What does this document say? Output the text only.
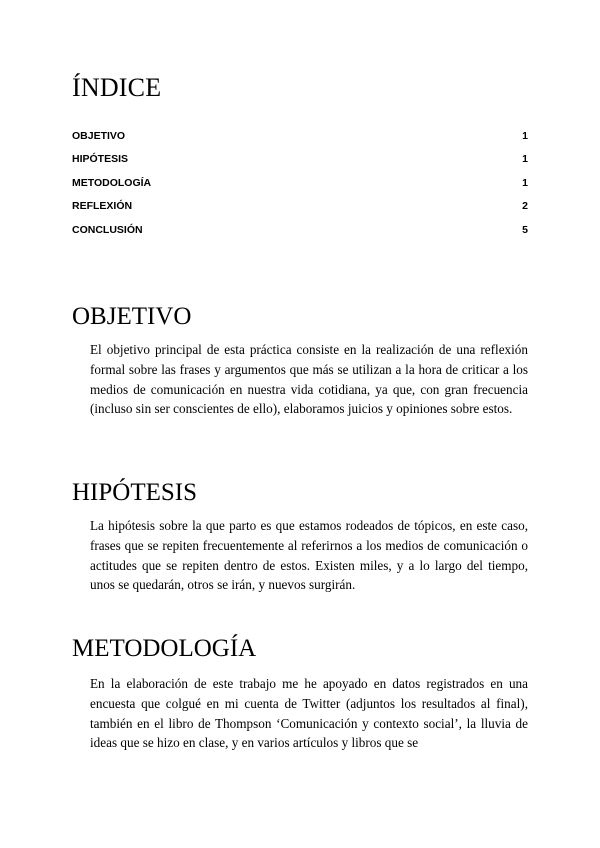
ÍNDICE
OBJETIVO	1
HIPÓTESIS	1
METODOLOGÍA	1
REFLEXIÓN	2
CONCLUSIÓN	5
OBJETIVO

El objetivo principal de esta práctica consiste en la realización de una reflexión formal sobre las frases y argumentos que más se utilizan a la hora de criticar a los medios de comunicación en nuestra vida cotidiana, ya que, con gran frecuencia (incluso sin ser conscientes de ello), elaboramos juicios y opiniones sobre estos.

HIPÓTESIS

La hipótesis sobre la que parto es que estamos rodeados de tópicos, en este caso, frases que se repiten frecuentemente al referirnos a los medios de comunicación o actitudes que se repiten dentro de estos. Existen miles, y a lo largo del tiempo, unos se quedarán, otros se irán, y nuevos surgirán.

METODOLOGÍA

En la elaboración de este trabajo me he apoyado en datos registrados en una encuesta que colgué en mi cuenta de Twitter (adjuntos los resultados al final), también en el libro de Thompson ‘Comunicación y contexto social’, la lluvia de ideas que se hizo en clase, y en varios artículos y libros que se
